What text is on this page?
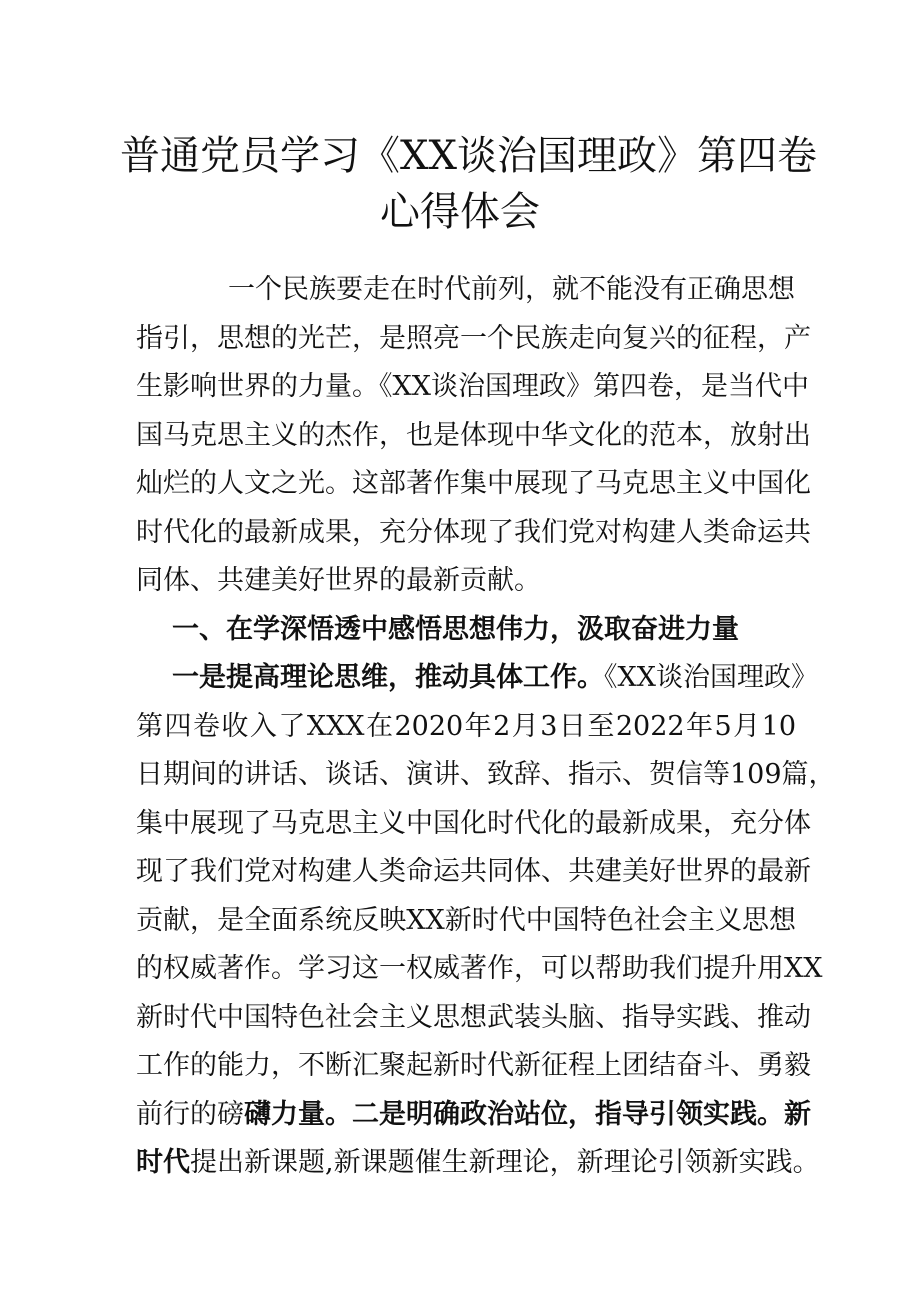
普通党员学习《XX谈治国理政》第四卷
心得体会
一个民族要走在时代前列，就不能没有正确思想
指引，思想的光芒，是照亮一个民族走向复兴的征程，产
生影响世界的力量。《XX谈治国理政》第四卷，是当代中
国马克思主义的杰作，也是体现中华文化的范本，放射出
灿烂的人文之光。这部著作集中展现了马克思主义中国化
时代化的最新成果，充分体现了我们党对构建人类命运共
同体、共建美好世界的最新贡献。
一、在学深悟透中感悟思想伟力，汲取奋进力量
一是提高理论思维，推动具体工作。《XX谈治国理政》
第四卷收入了XXX在2020年2月3日至2022年5月10
日期间的讲话、谈话、演讲、致辞、指示、贺信等109篇，
集中展现了马克思主义中国化时代化的最新成果，充分体
现了我们党对构建人类命运共同体、共建美好世界的最新
贡献，是全面系统反映XX新时代中国特色社会主义思想
的权威著作。学习这一权威著作，可以帮助我们提升用XX
新时代中国特色社会主义思想武装头脑、指导实践、推动
工作的能力，不断汇聚起新时代新征程上团结奋斗、勇毅
前行的磅礴力量。二是明确政治站位，指导引领实践。新
时代提出新课题,新课题催生新理论，新理论引领新实践。
